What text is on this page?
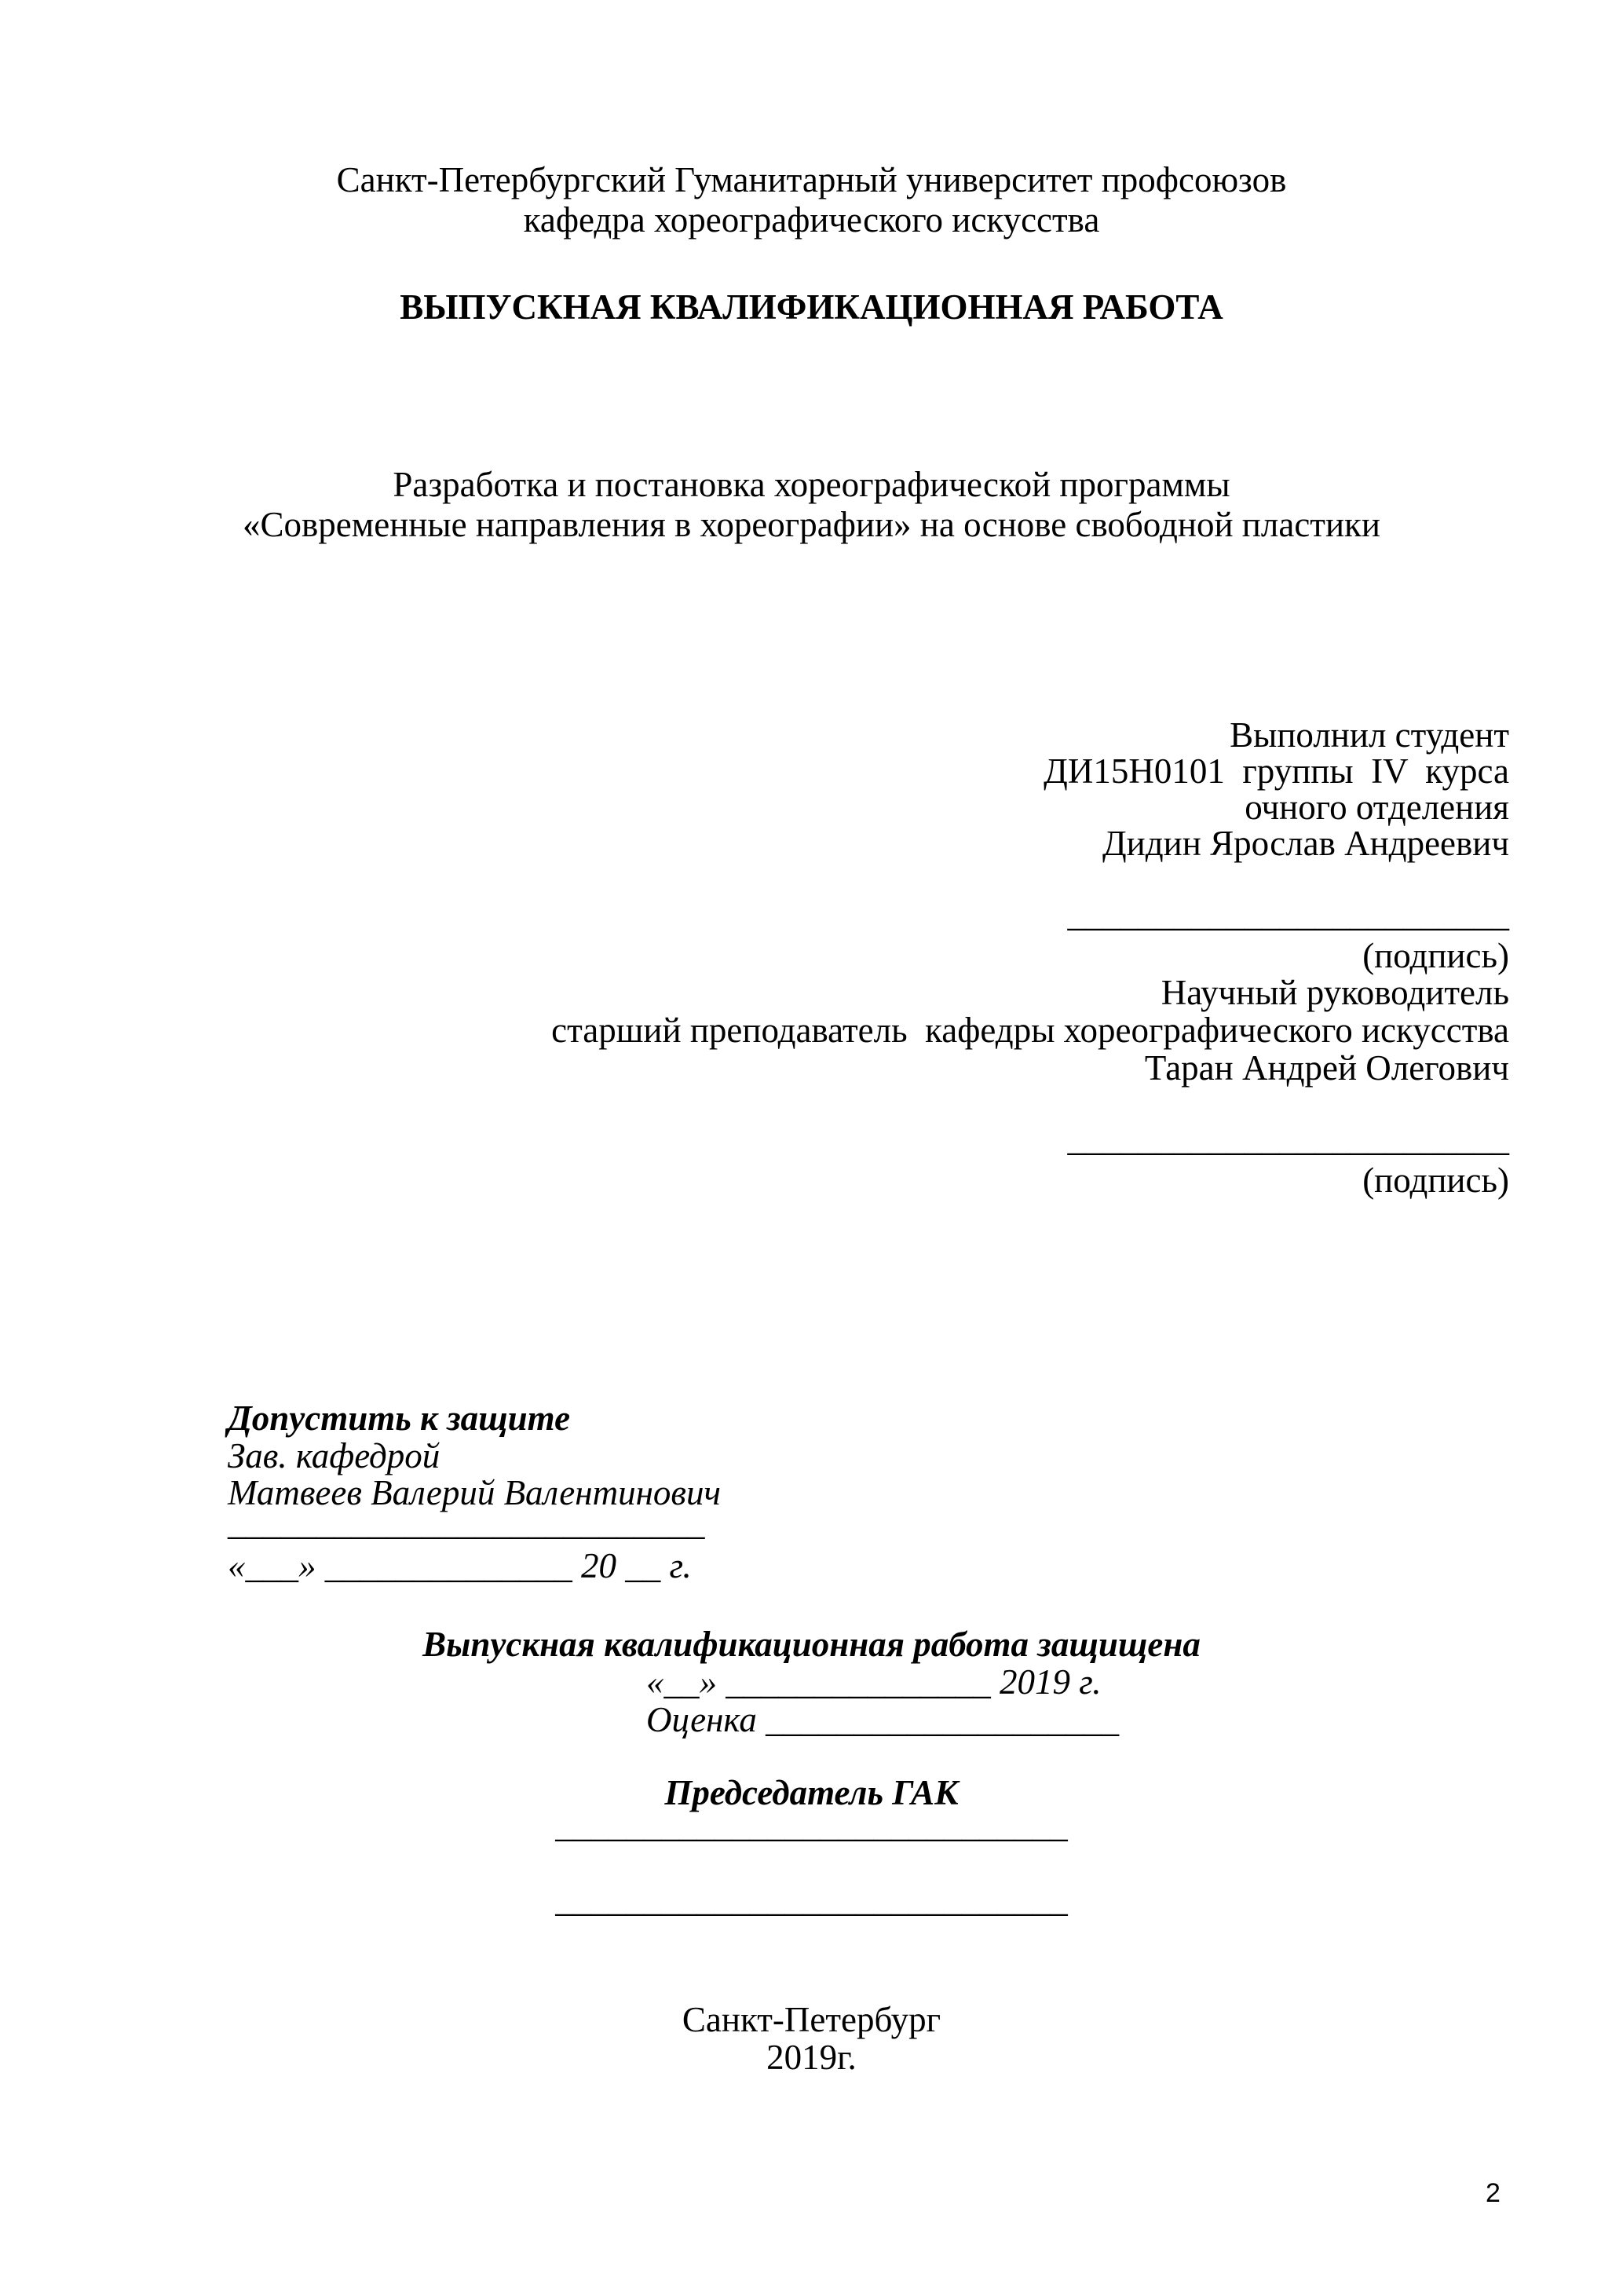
Санкт-Петербургский Гуманитарный университет профсоюзов
кафедра хореографического искусства
ВЫПУСКНАЯ КВАЛИФИКАЦИОННАЯ РАБОТА
Разработка и постановка хореографической программы
«Современные направления в хореографии» на основе свободной пластики
Выполнил студент
ДИ15Н0101  группы  IV  курса
очного отделения
Дидин Ярослав Андреевич
_________________________
(подпись)
Научный руководитель
старший преподаватель  кафедры хореографического искусства
Таран Андрей Олегович
_________________________
(подпись)
Допустить к защите
Зав. кафедрой
Матвеев Валерий Валентинович
___________________________
«___» ______________ 20 __ г.
Выпускная квалификационная работа защищена
«__» _______________ 2019 г.
Оценка ____________________
Председатель ГАК
_____________________________
_____________________________
Санкт-Петербург
2019г.
2
